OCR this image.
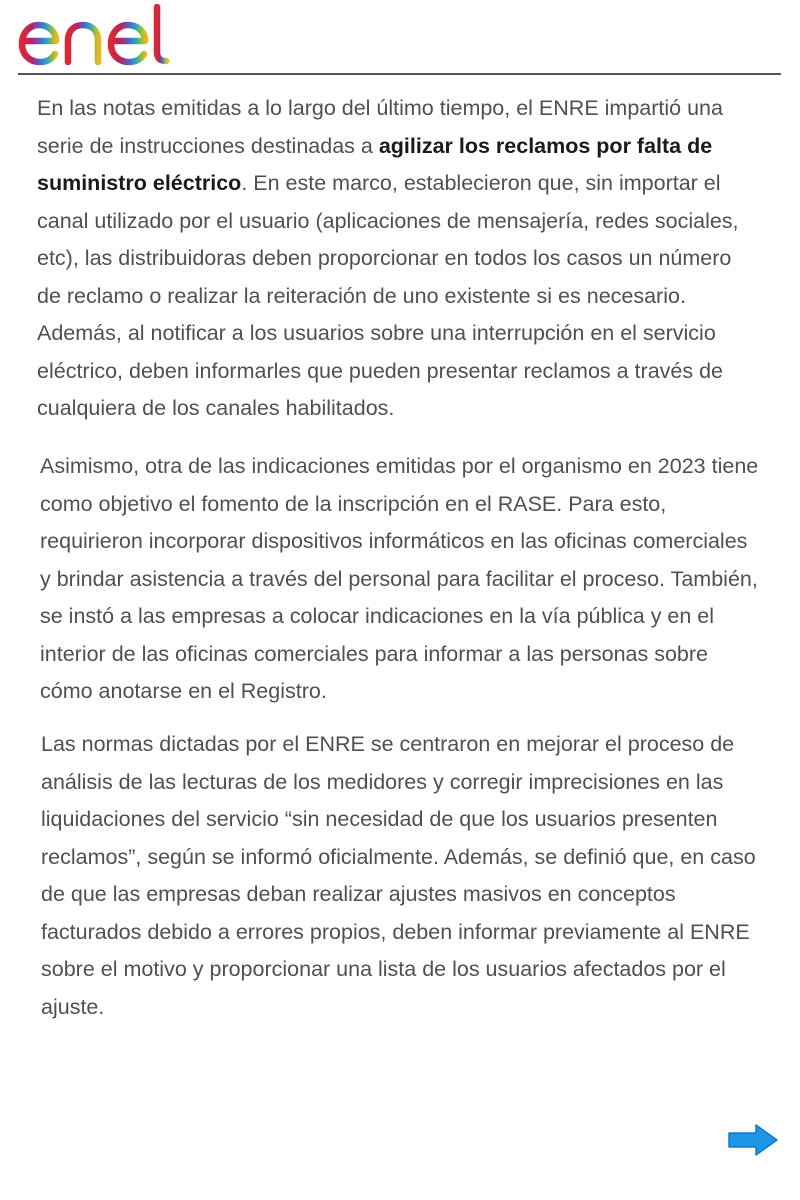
En las notas emitidas a lo largo del último tiempo, el ENRE impartió una serie de instrucciones destinadas a agilizar los reclamos por falta de suministro eléctrico. En este marco, establecieron que, sin importar el canal utilizado por el usuario (aplicaciones de mensajería, redes sociales, etc), las distribuidoras deben proporcionar en todos los casos un número de reclamo o realizar la reiteración de uno existente si es necesario. Además, al notificar a los usuarios sobre una interrupción en el servicio eléctrico, deben informarles que pueden presentar reclamos a través de cualquiera de los canales habilitados.

Asimismo, otra de las indicaciones emitidas por el organismo en 2023 tiene como objetivo el fomento de la inscripción en el RASE. Para esto, requirieron incorporar dispositivos informáticos en las oficinas comerciales y brindar asistencia a través del personal para facilitar el proceso. También, se instó a las empresas a colocar indicaciones en la vía pública y en el interior de las oficinas comerciales para informar a las personas sobre cómo anotarse en el Registro.

Las normas dictadas por el ENRE se centraron en mejorar el proceso de análisis de las lecturas de los medidores y corregir imprecisiones en las liquidaciones del servicio “sin necesidad de que los usuarios presenten reclamos”, según se informó oficialmente. Además, se definió que, en caso de que las empresas deban realizar ajustes masivos en conceptos facturados debido a errores propios, deben informar previamente al ENRE sobre el motivo y proporcionar una lista de los usuarios afectados por el ajuste.
